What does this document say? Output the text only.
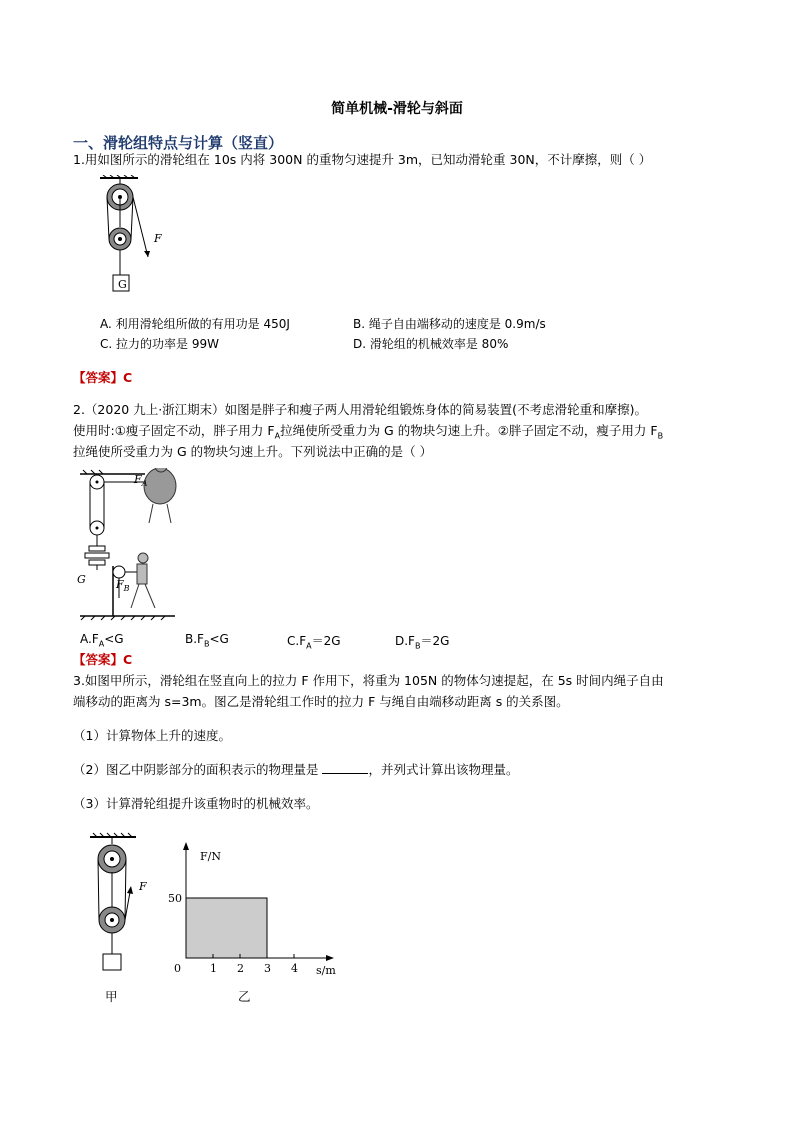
简单机械-滑轮与斜面
一、滑轮组特点与计算（竖直）
1.用如图所示的滑轮组在 10s 内将 300N 的重物匀速提升 3m，已知动滑轮重 30N，不计摩擦，则（ ）
F
G
A. 利用滑轮组所做的有用功是 450J	B. 绳子自由端移动的速度是 0.9m/s
C. 拉力的功率是 99W	D. 滑轮组的机械效率是 80%
【答案】C
2.（2020 九上·浙江期末）如图是胖子和瘦子两人用滑轮组锻炼身体的简易装置(不考虑滑轮重和摩擦)。
使用时:①瘦子固定不动，胖子用力 $F_A$拉绳使所受重力为 G 的物块匀速上升。②胖子固定不动，瘦子用力 $F_B$
拉绳使所受重力为 G 的物块匀速上升。下列说法中正确的是（ ）
$F_A$
$F_B$
G
$A.F_A<G$	$B.F_B<G$	$C.F_A=2G$	$D.F_B=2G$
【答案】C
3.如图甲所示，滑轮组在竖直向上的拉力 F 作用下，将重为 105N 的物体匀速提起，在 5s 时间内绳子自由
端移动的距离为 s=3m。图乙是滑轮组工作时的拉力 F 与绳自由端移动距离 s 的关系图。
（1）计算物体上升的速度。
（2）图乙中阴影部分的面积表示的物理量是	，并列式计算出该物理量。
（3）计算滑轮组提升该重物时的机械效率。
F
甲
F/N
s/m
0	1 2 3 4
50
乙
